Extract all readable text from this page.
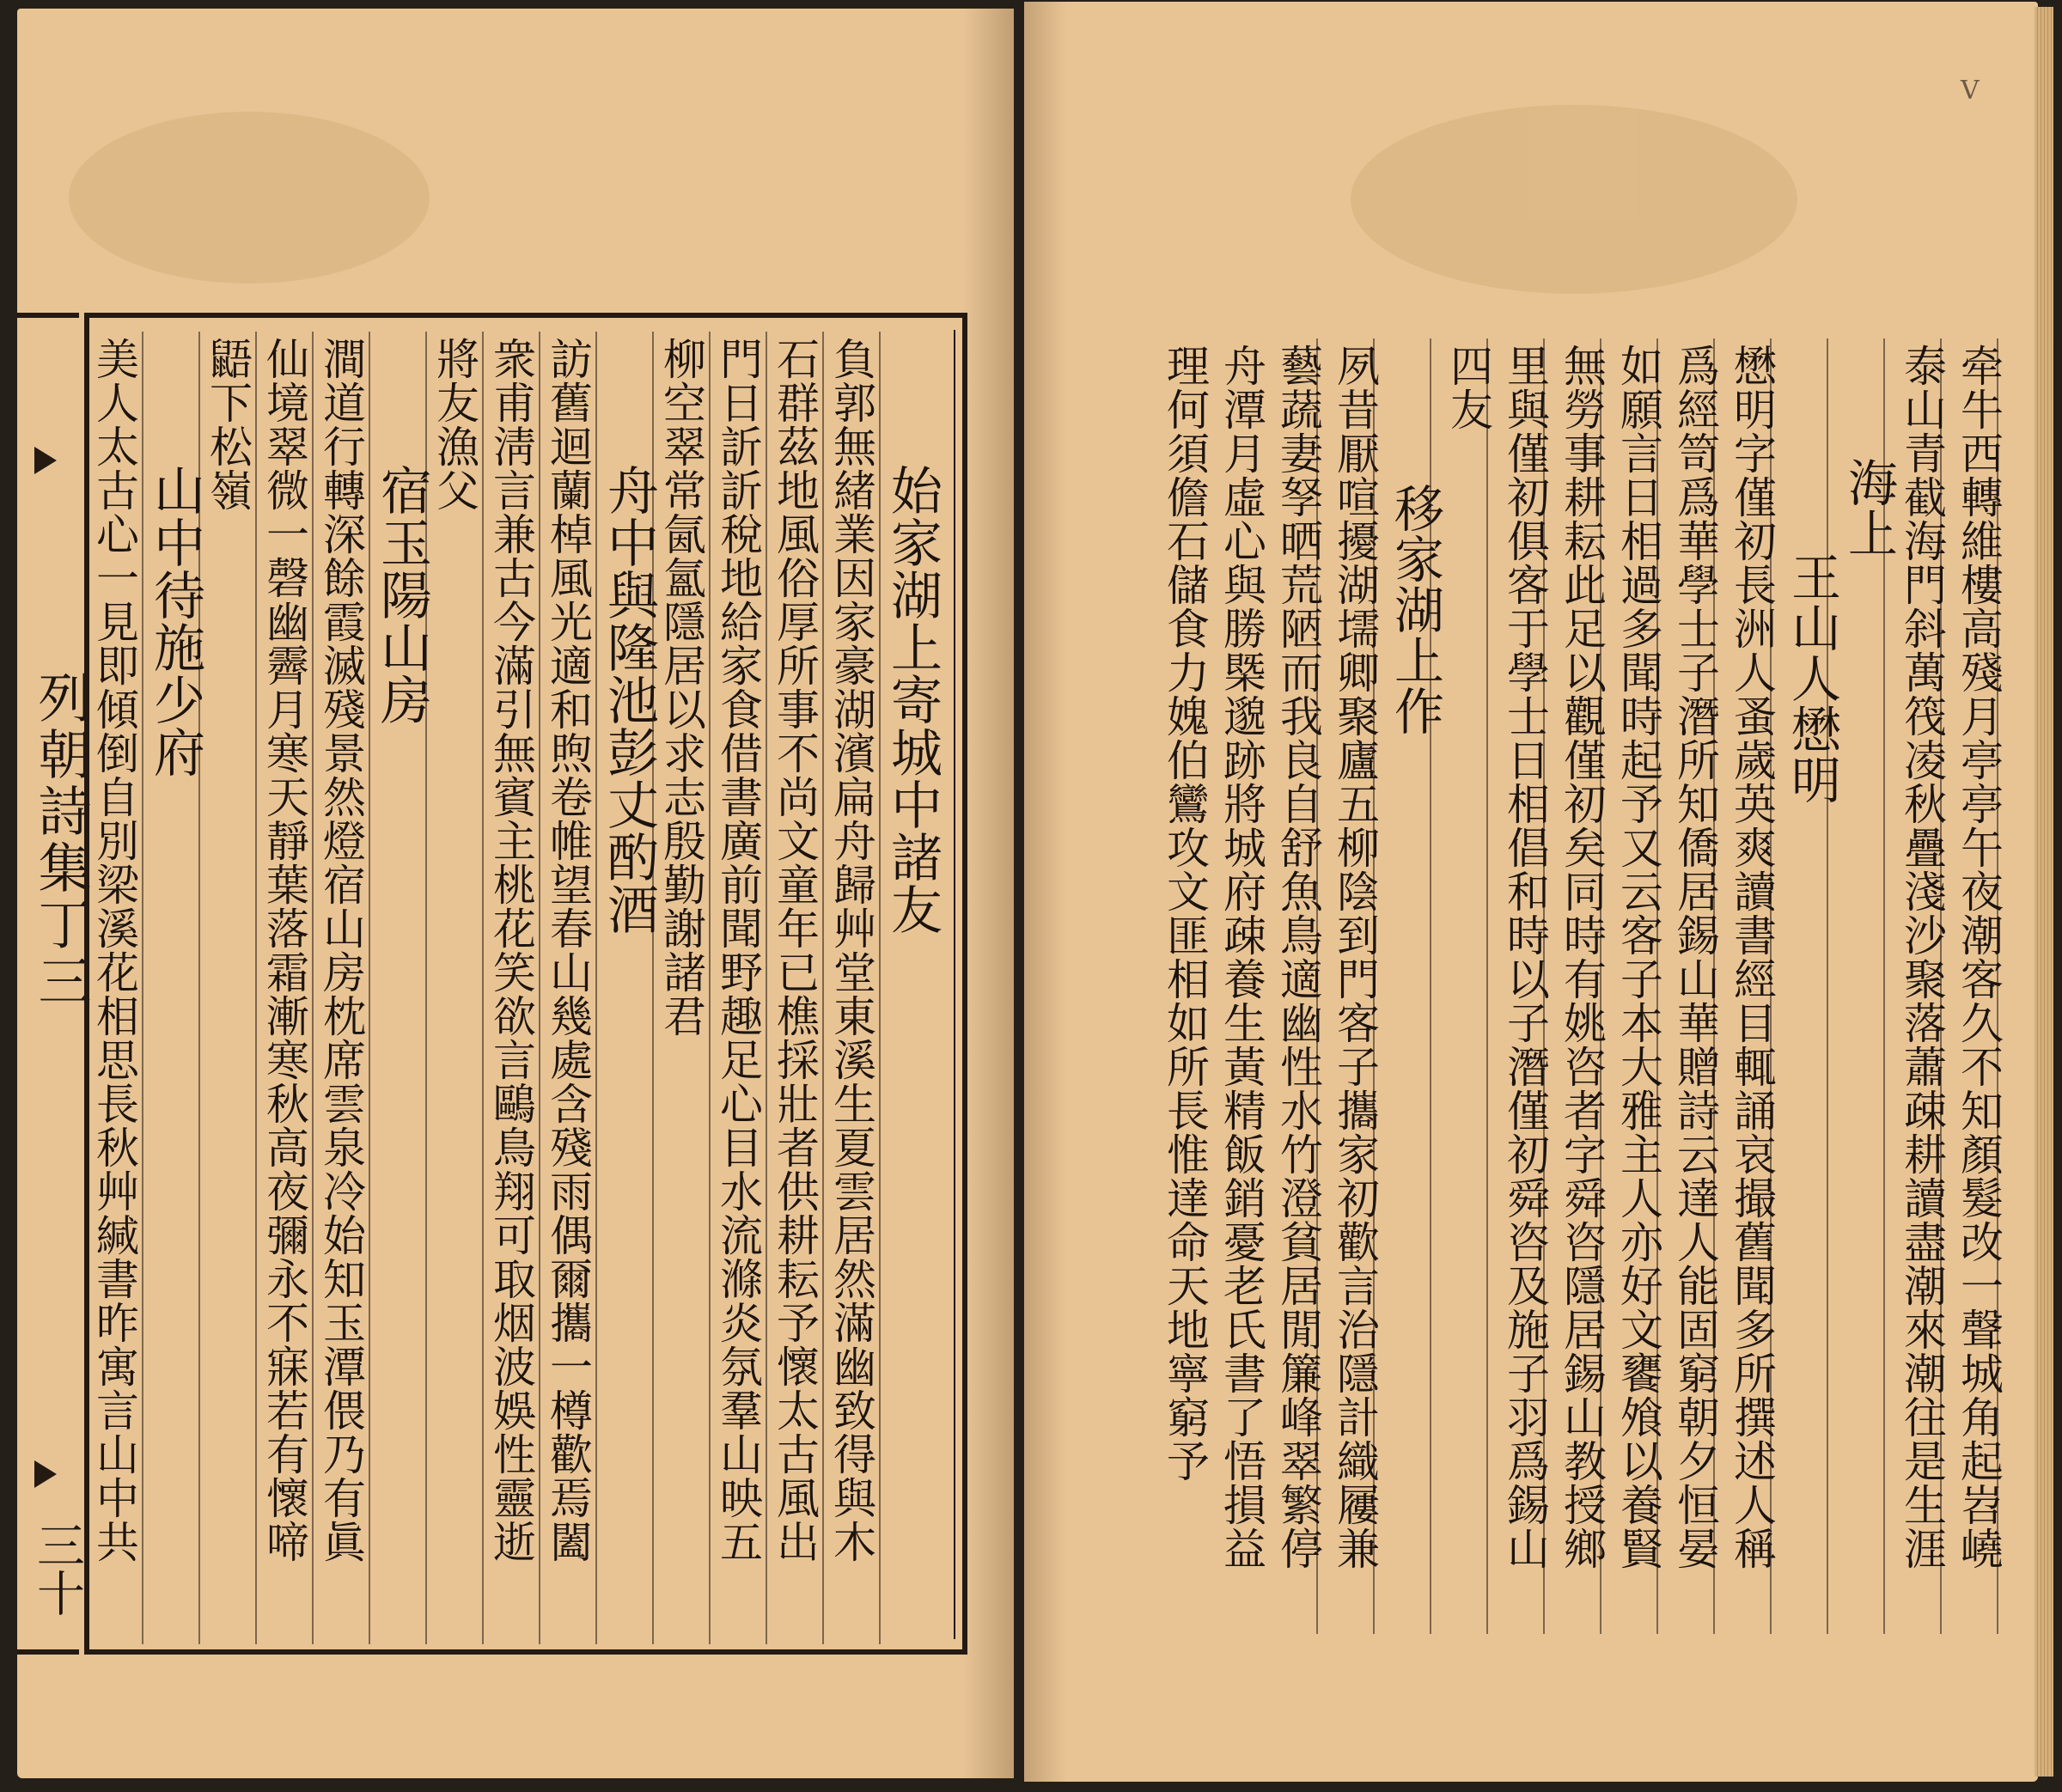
列朝詩集丁三
三十
始家湖上寄城中諸友
負郭無緒業因家豪湖濱扁舟歸艸堂東溪生夏雲居然滿幽致得與木
石群茲地風俗厚所事不尚文童年已樵採壯者供耕耘予懷太古風出
門日訢訢稅地給家食借書廣前聞野趣足心目水流滌炎氛羣山映五
柳空翠常氤氳隱居以求志殷勤謝諸君
舟中與隆池彭丈酌酒
訪舊迴蘭棹風光適和煦卷帷望春山幾處含殘雨偶爾攜一樽歡焉闔
衆甫淸言兼古今滿引無賓主桃花笑欲言鷗鳥翔可取烟波娛性靈逝
將友漁父
宿玉陽山房
澗道行轉深餘霞滅殘景然燈宿山房枕席雲泉冷始知玉潭偎乃有眞
仙境翠微一磬幽霽月寒天靜葉落霜漸寒秋高夜彌永不寐若有懷啼
鼯下松嶺
山中待施少府
美人太古心一見即傾倒自別梁溪花相思長秋艸緘書昨寓言山中共
V
牵牛西轉維樓高殘月亭亭午夜潮客久不知顏髮改一聲城角起岧嶢
泰山青截海門斜萬筏凌秋疊淺沙聚落蕭疎耕讀盡潮來潮往是生涯
海上
王山人懋明
懋明字僅初長洲人蚤歲英爽讀書經目輒誦哀撮舊聞多所撰述人稱
爲經笥爲華學士子潛所知僑居錫山華贈詩云達人能固窮朝夕恒晏
如願言日相過多聞時起予又云客子本大雅主人亦好文饔飧以養賢
無勞事耕耘此足以觀僅初矣同時有姚咨者字舜咨隱居錫山教授鄉
里與僅初俱客于學士日相倡和時以子潛僅初舜咨及施子羽爲錫山
四友
移家湖上作
夙昔厭喧擾湖壖卿聚廬五柳陰到門客子攜家初歡言治隱計織屨兼
藝蔬妻孥晒荒陋而我良自舒魚鳥適幽性水竹澄貧居閒簾峰翠繁停
舟潭月虛心與勝槩邈跡將城府疎養生黃精飯銷憂老氏書了悟損益
理何須儋石儲食力媿伯鸞攻文匪相如所長惟達命天地寧窮予
